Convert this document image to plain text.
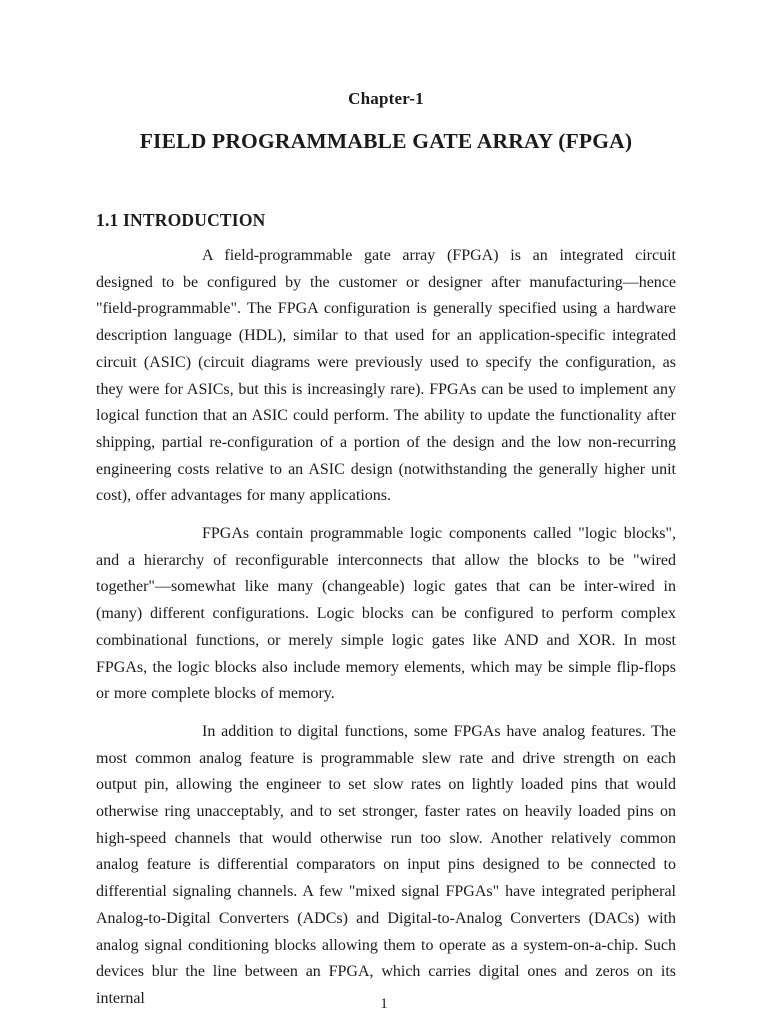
Chapter-1
FIELD PROGRAMMABLE GATE ARRAY (FPGA)
1.1 INTRODUCTION

A field-programmable gate array (FPGA) is an integrated circuit designed to be configured by the customer or designer after manufacturing—hence "field-programmable". The FPGA configuration is generally specified using a hardware description language (HDL), similar to that used for an application-specific integrated circuit (ASIC) (circuit diagrams were previously used to specify the configuration, as they were for ASICs, but this is increasingly rare). FPGAs can be used to implement any logical function that an ASIC could perform. The ability to update the functionality after shipping, partial re-configuration of a portion of the design and the low non-recurring engineering costs relative to an ASIC design (notwithstanding the generally higher unit cost), offer advantages for many applications.

FPGAs contain programmable logic components called "logic blocks", and a hierarchy of reconfigurable interconnects that allow the blocks to be "wired together"—somewhat like many (changeable) logic gates that can be inter-wired in (many) different configurations. Logic blocks can be configured to perform complex combinational functions, or merely simple logic gates like AND and XOR. In most FPGAs, the logic blocks also include memory elements, which may be simple flip-flops or more complete blocks of memory.

In addition to digital functions, some FPGAs have analog features. The most common analog feature is programmable slew rate and drive strength on each output pin, allowing the engineer to set slow rates on lightly loaded pins that would otherwise ring unacceptably, and to set stronger, faster rates on heavily loaded pins on high-speed channels that would otherwise run too slow. Another relatively common analog feature is differential comparators on input pins designed to be connected to differential signaling channels. A few "mixed signal FPGAs" have integrated peripheral Analog-to-Digital Converters (ADCs) and Digital-to-Analog Converters (DACs) with analog signal conditioning blocks allowing them to operate as a system-on-a-chip. Such devices blur the line between an FPGA, which carries digital ones and zeros on its internal	1
